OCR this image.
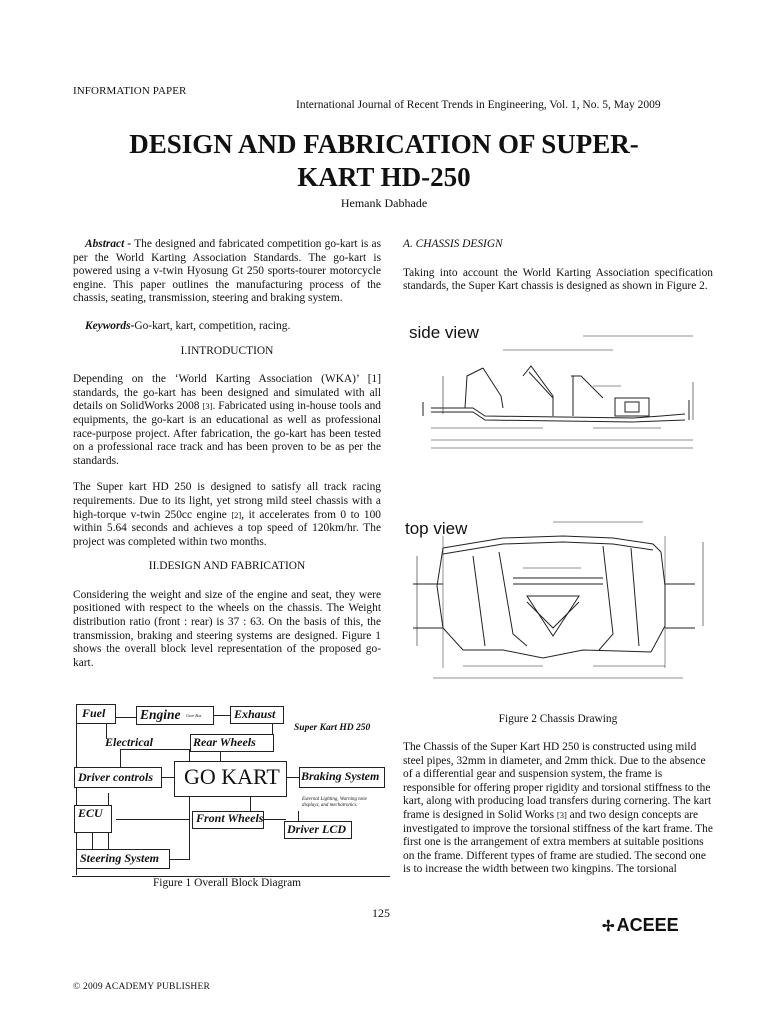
INFORMATION PAPER
International Journal of Recent Trends in Engineering, Vol. 1, No. 5, May 2009
DESIGN AND FABRICATION OF SUPER-
KART HD-250
Hemank Dabhade

Abstract - The designed and fabricated competition go-kart is as per the World Karting Association Standards. The go-kart is powered using a v-twin Hyosung Gt 250 sports-tourer motorcycle engine. This paper outlines the manufacturing process of the chassis, seating, transmission, steering and braking system.

Keywords-Go-kart, kart, competition, racing.

I.INTRODUCTION

Depending on the ‘World Karting Association (WKA)’ [1] standards, the go-kart has been designed and simulated with all details on SolidWorks 2008 [3]. Fabricated using in-house tools and equipments, the go-kart is an educational as well as professional race-purpose project. After fabrication, the go-kart has been tested on a professional race track and has been proven to be as per the standards.

The Super kart HD 250 is designed to satisfy all track racing requirements. Due to its light, yet strong mild steel chassis with a high-torque v-twin 250cc engine [2], it accelerates from 0 to 100 within 5.64 seconds and achieves a top speed of 120km/hr. The project was completed within two months.

II.DESIGN AND FABRICATION

Considering the weight and size of the engine and seat, they were positioned with respect to the wheels on the chassis. The Weight distribution ratio (front : rear) is 37 : 63. On the basis of this, the transmission, braking and steering systems are designed. Figure 1 shows the overall block level representation of the proposed go-kart.

Fuel	Engine Gear Box	Exhaust
Super Kart HD 250
Electrical	Rear Wheels
Driver controls GO KART Braking System
External Lighting, Warning tone displays, and mechatronics.
ECU	Front Wheels
Driver LCD
Steering System
Figure 1 Overall Block Diagram

A. CHASSIS DESIGN

Taking into account the World Karting Association specification standards, the Super Kart chassis is designed as shown in Figure 2.

side view
top view
Figure 2 Chassis Drawing

The Chassis of the Super Kart HD 250 is constructed using mild steel pipes, 32mm in diameter, and 2mm thick. Due to the absence of a differential gear and suspension system, the frame is responsible for offering proper rigidity and torsional stiffness to the kart, along with producing load transfers during cornering. The kart frame is designed in Solid Works [3] and two design concepts are investigated to improve the torsional stiffness of the kart frame. The first one is the arrangement of extra members at suitable positions on the frame. Different types of frame are studied. The second one is to increase the width between two kingpins. The torsional

125
✢ ACEEE
© 2009 ACADEMY PUBLISHER
